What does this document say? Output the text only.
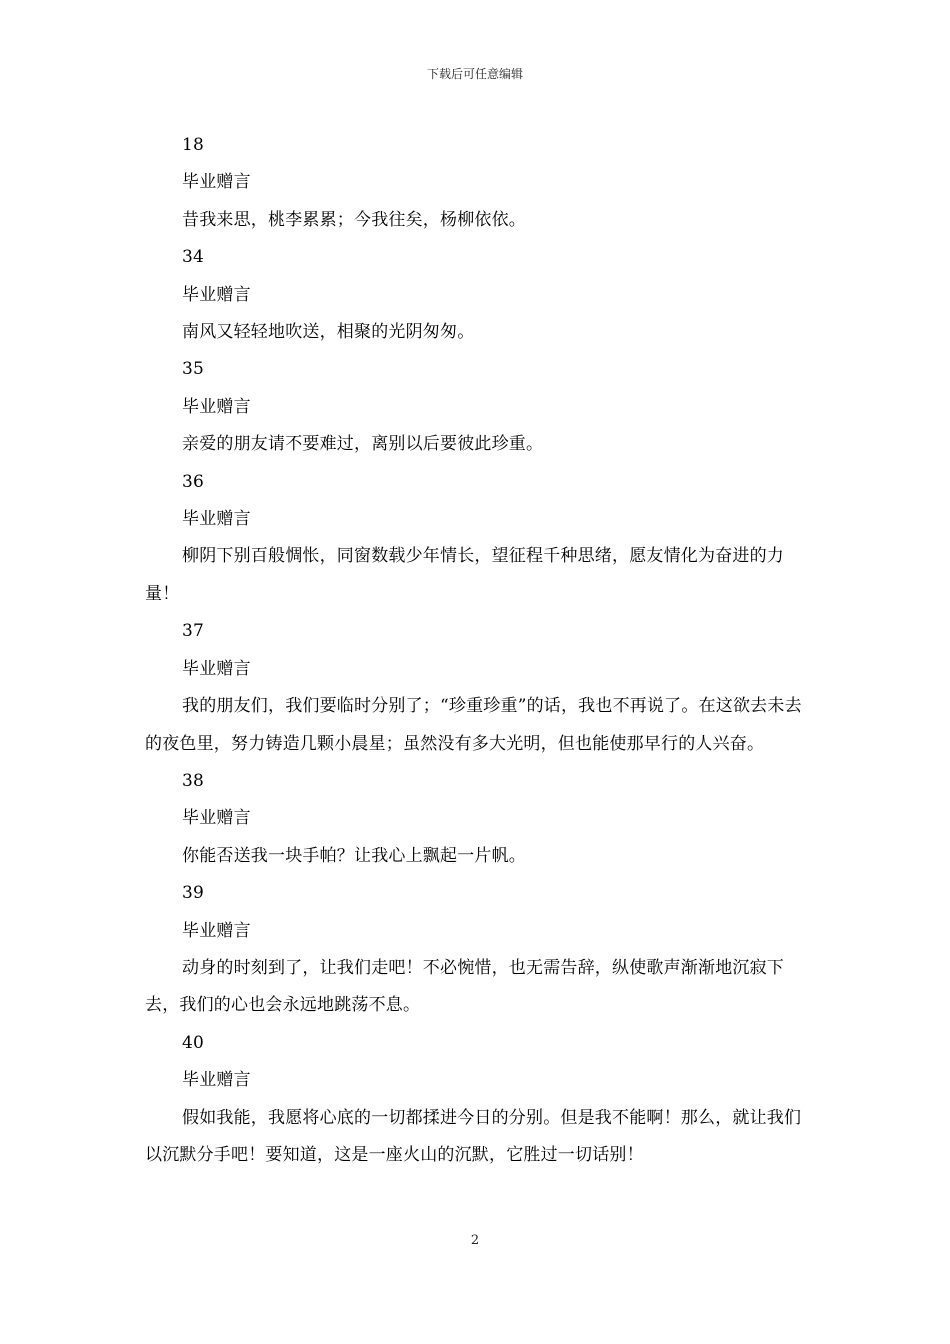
下载后可任意编辑

18

毕业赠言

昔我来思，桃李累累；今我往矣，杨柳依依。

34

毕业赠言

南风又轻轻地吹送，相聚的光阴匆匆。

35

毕业赠言

亲爱的朋友请不要难过，离别以后要彼此珍重。

36

毕业赠言

柳阴下别百般惆怅，同窗数载少年情长，望征程千种思绪，愿友情化为奋进的力量！

37

毕业赠言

我的朋友们，我们要临时分别了；“珍重珍重”的话，我也不再说了。在这欲去未去的夜色里，努力铸造几颗小晨星；虽然没有多大光明，但也能使那早行的人兴奋。

38

毕业赠言

你能否送我一块手帕？让我心上飘起一片帆。

39

毕业赠言

动身的时刻到了，让我们走吧！不必惋惜，也无需告辞，纵使歌声渐渐地沉寂下去，我们的心也会永远地跳荡不息。

40

毕业赠言

假如我能，我愿将心底的一切都揉进今日的分别。但是我不能啊！那么，就让我们以沉默分手吧！要知道，这是一座火山的沉默，它胜过一切话别！

2
